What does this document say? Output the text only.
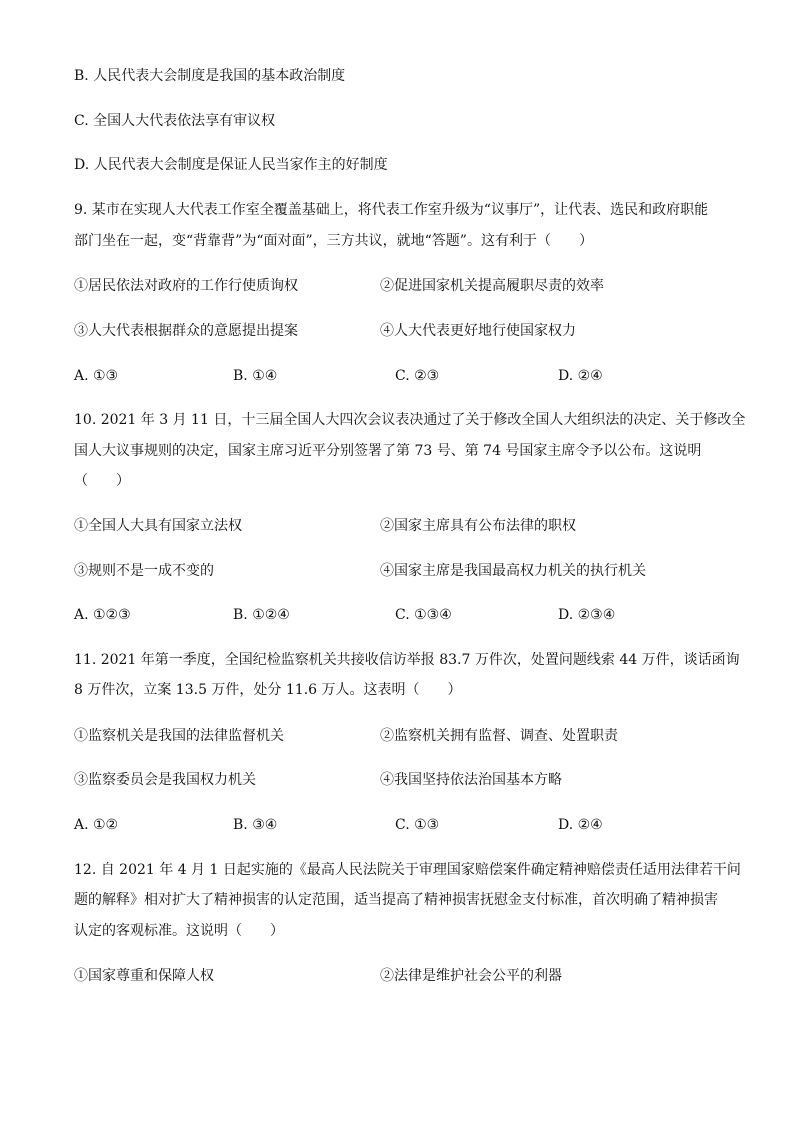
B. 人民代表大会制度是我国的基本政治制度
C. 全国人大代表依法享有审议权
D. 人民代表大会制度是保证人民当家作主的好制度
9. 某市在实现人大代表工作室全覆盖基础上，将代表工作室升级为“议事厅”，让代表、选民和政府职能
部门坐在一起，变“背靠背”为“面对面”，三方共议，就地“答题”。这有利于（　　）
①居民依法对政府的工作行使质询权	②促进国家机关提高履职尽责的效率
③人大代表根据群众的意愿提出提案	④人大代表更好地行使国家权力
A. ①③	B. ①④	C. ②③	D. ②④
10. 2021 年 3 月 11 日，十三届全国人大四次会议表决通过了关于修改全国人大组织法的决定、关于修改全
国人大议事规则的决定，国家主席习近平分别签署了第 73 号、第 74 号国家主席令予以公布。这说明
（　　）
①全国人大具有国家立法权	②国家主席具有公布法律的职权
③规则不是一成不变的	④国家主席是我国最高权力机关的执行机关
A. ①②③	B. ①②④	C. ①③④	D. ②③④
11. 2021 年第一季度，全国纪检监察机关共接收信访举报 83.7 万件次，处置问题线索 44 万件，谈话函询
8 万件次，立案 13.5 万件，处分 11.6 万人。这表明（　　）
①监察机关是我国的法律监督机关	②监察机关拥有监督、调查、处置职责
③监察委员会是我国权力机关	④我国坚持依法治国基本方略
A. ①②	B. ③④	C. ①③	D. ②④
12. 自 2021 年 4 月 1 日起实施的《最高人民法院关于审理国家赔偿案件确定精神赔偿责任适用法律若干问
题的解释》相对扩大了精神损害的认定范围，适当提高了精神损害抚慰金支付标准，首次明确了精神损害
认定的客观标准。这说明（　　）
①国家尊重和保障人权	②法律是维护社会公平的利器
